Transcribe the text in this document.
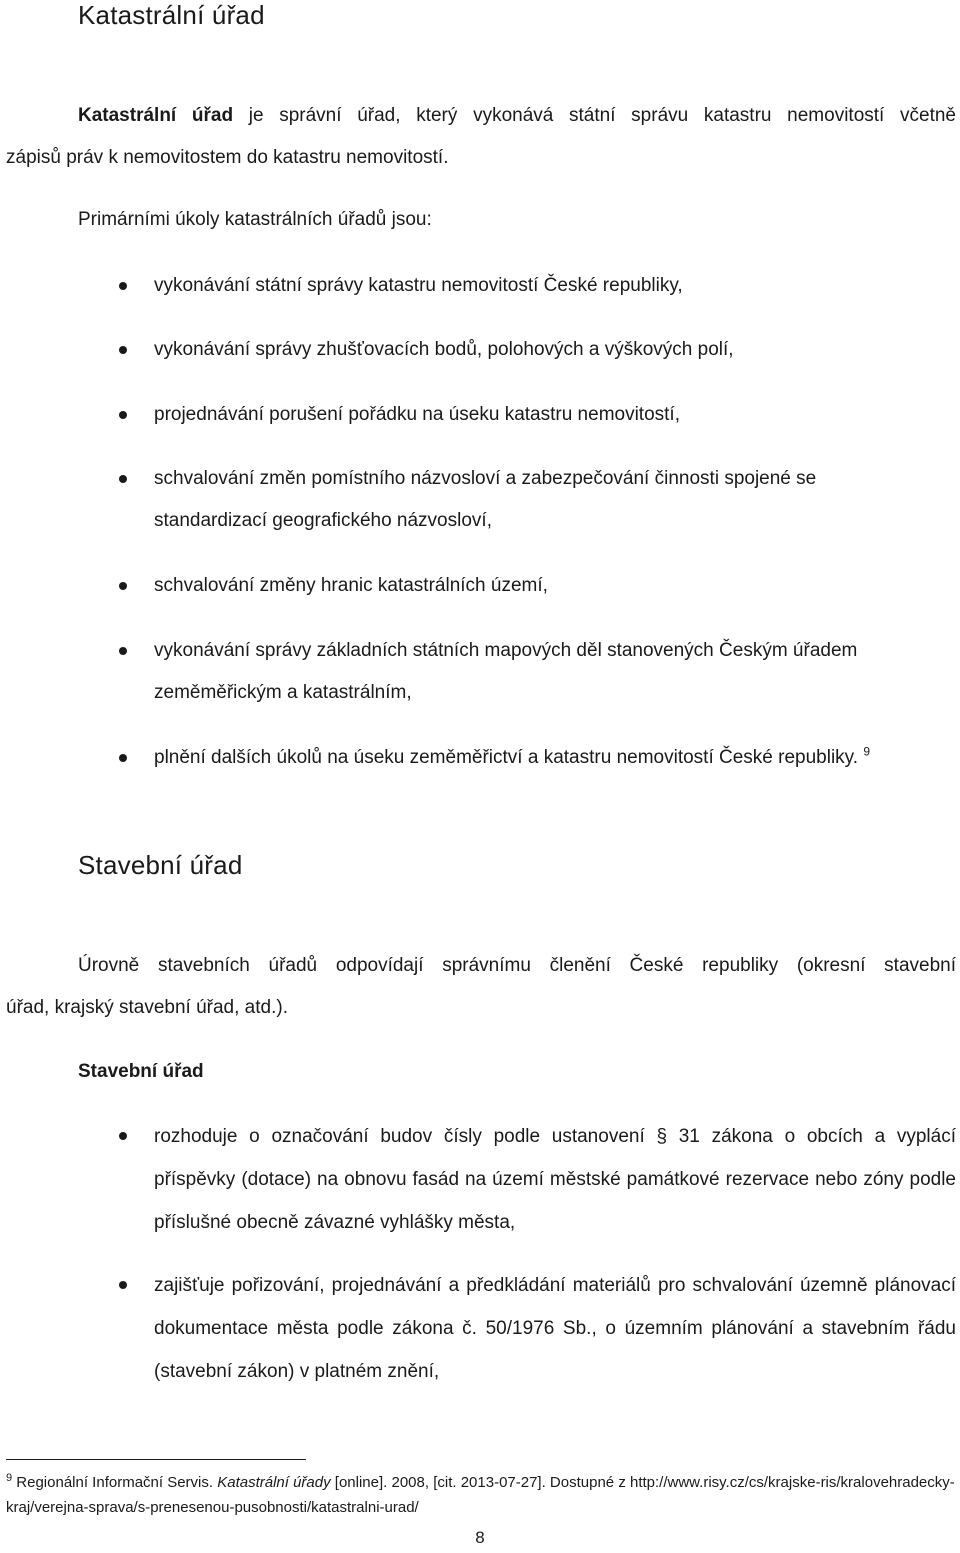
Katastrální úřad

Katastrální úřad je správní úřad, který vykonává státní správu katastru nemovitostí včetně
zápisů práv k nemovitostem do katastru nemovitostí.

Primárními úkoly katastrálních úřadů jsou:

vykonávání státní správy katastru nemovitostí České republiky,
vykonávání správy zhušťovacích bodů, polohových a výškových polí,
projednávání porušení pořádku na úseku katastru nemovitostí,
schvalování změn pomístního názvosloví a zabezpečování činnosti spojené se standardizací geografického názvosloví,
schvalování změny hranic katastrálních území,
vykonávání správy základních státních mapových děl stanovených Českým úřadem zeměměřickým a katastrálním,
plnění dalších úkolů na úseku zeměměřictví a katastru nemovitostí České republiky. $^9$
Stavební úřad

Úrovně stavebních úřadů odpovídají správnímu členění České republiky (okresní stavební
úřad, krajský stavební úřad, atd.).

Stavební úřad

rozhoduje o označování budov čísly podle ustanovení § 31 zákona o obcích a vyplácí příspěvky (dotace) na obnovu fasád na území městské památkové rezervace nebo zóny podle příslušné obecně závazné vyhlášky města,
zajišťuje pořizování, projednávání a předkládání materiálů pro schvalování územně plánovací dokumentace města podle zákona č. 50/1976 Sb., o územním plánování a stavebním řádu (stavební zákon) v platném znění,

$^9$ Regionální Informační Servis. Katastrální úřady [online]. 2008, [cit. 2013-07-27]. Dostupné z http://www.risy.cz/cs/krajske-ris/kralovehradecky-kraj/verejna-sprava/s-prenesenou-pusobnosti/katastralni-urad/

8
